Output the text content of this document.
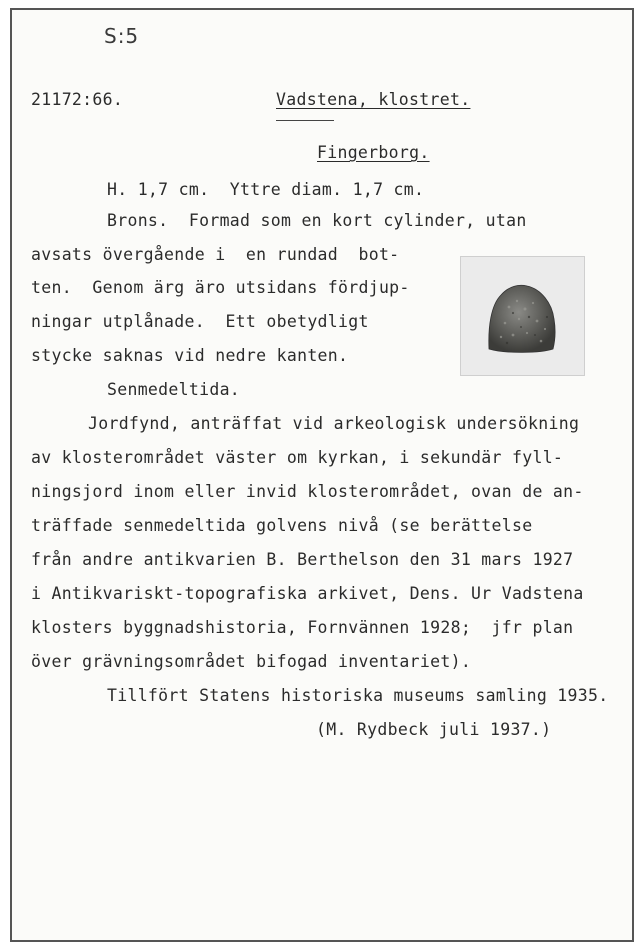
S:5
21172:66.	Vadstena, klostret.
Fingerborg.
H. 1,7 cm.  Yttre diam. 1,7 cm.
Brons.  Formad som en kort cylinder, utan
avsats övergående i  en rundad  bot-
ten.  Genom ärg äro utsidans fördjup-
ningar utplånade.  Ett obetydligt
stycke saknas vid nedre kanten.
Senmedeltida.
Jordfynd, anträffat vid arkeologisk undersökning
av klosterområdet väster om kyrkan, i sekundär fyll-
ningsjord inom eller invid klosterområdet, ovan de an-
träffade senmedeltida golvens nivå (se berättelse
från andre antikvarien B. Berthelson den 31 mars 1927
i Antikvariskt-topografiska arkivet, Dens. Ur Vadstena
klosters byggnadshistoria, Fornvännen 1928;  jfr plan
över grävningsområdet bifogad inventariet).
Tillfört Statens historiska museums samling 1935.
(M. Rydbeck juli 1937.)
